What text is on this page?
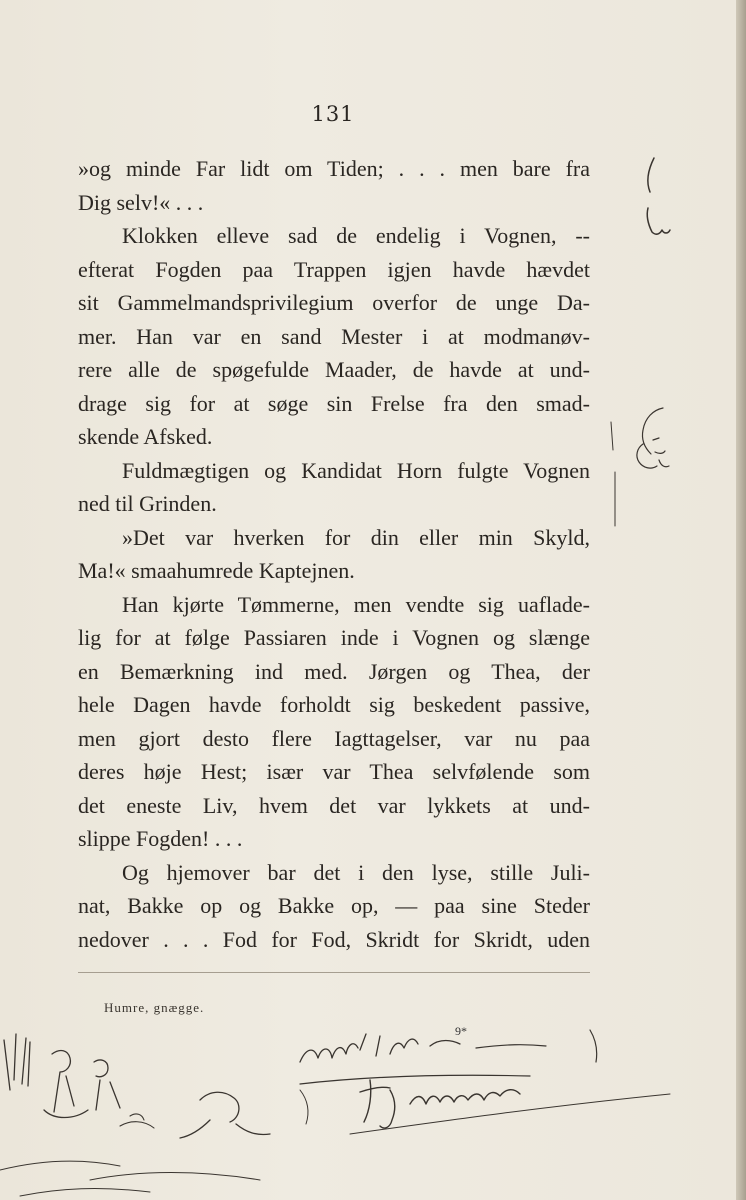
131
»og minde Far lidt om Tiden; . . . men bare fra
Dig selv!« . . .
Klokken elleve sad de endelig i Vognen, --
efterat Fogden paa Trappen igjen havde hævdet
sit Gammelmandsprivilegium overfor de unge Da-
mer. Han var en sand Mester i at modmanøv-
rere alle de spøgefulde Maader, de havde at und-
drage sig for at søge sin Frelse fra den smad-
skende Afsked.
Fuldmægtigen og Kandidat Horn fulgte Vognen
ned til Grinden.
»Det var hverken for din eller min Skyld,
Ma!« smaahumrede Kaptejnen.
Han kjørte Tømmerne, men vendte sig uaflade-
lig for at følge Passiaren inde i Vognen og slænge
en Bemærkning ind med. Jørgen og Thea, der
hele Dagen havde forholdt sig beskedent passive,
men gjort desto flere Iagttagelser, var nu paa
deres høje Hest; især var Thea selvfølende som
det eneste Liv, hvem det var lykkets at und-
slippe Fogden! . . .
Og hjemover bar det i den lyse, stille Juli-
nat, Bakke op og Bakke op, — paa sine Steder
nedover . . . Fod for Fod, Skridt for Skridt, uden
Humre, gnægge.
9*
